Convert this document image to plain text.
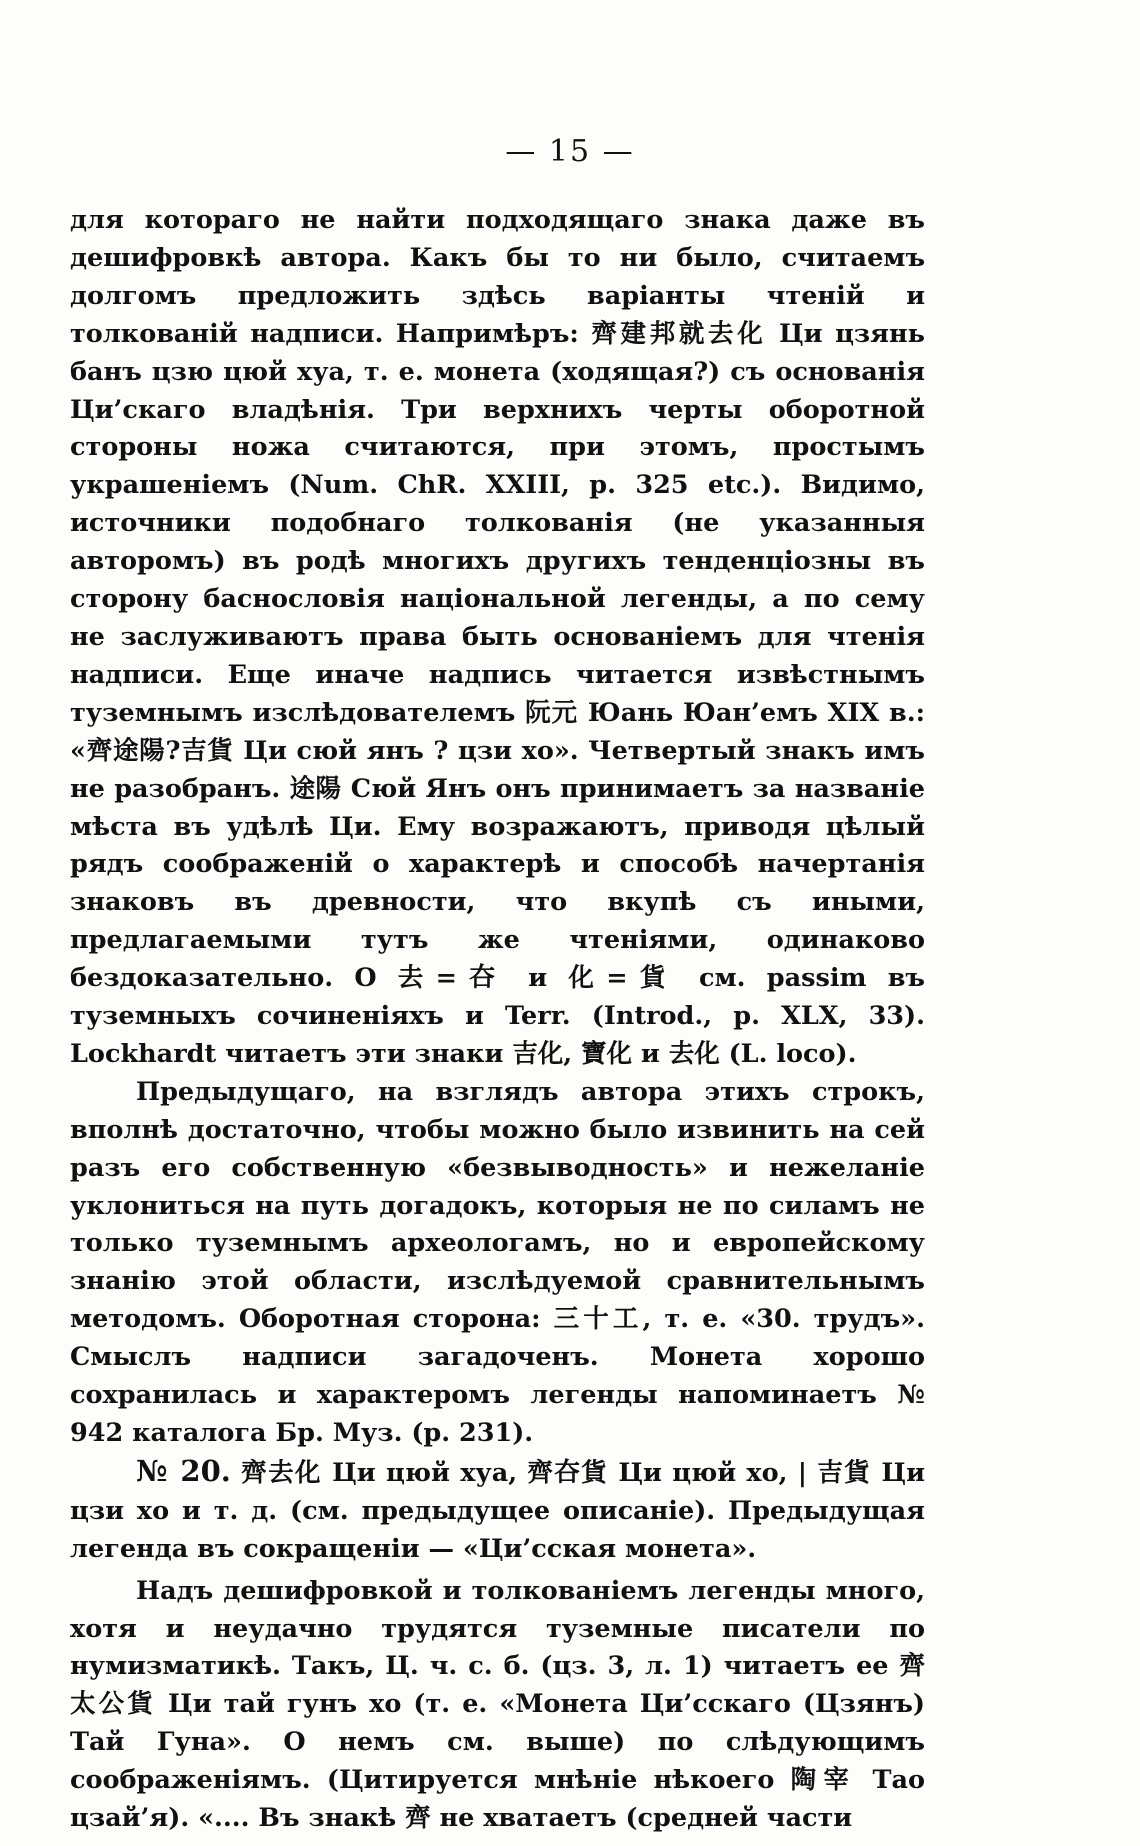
— 15 —

для котораго не найти подходящаго знака даже въ дешифровкѣ автора. Какъ бы то ни было, считаемъ долгомъ предложить здѣсь варіанты чтеній и толкованій надписи. Напримѣръ: 齊建邦就去化 Ци цзянь банъ цзю цюй хуа, т. е. монета (ходящая?) съ основанія Ци’скаго владѣнія. Три верхнихъ черты оборотной стороны ножа считаются, при этомъ, простымъ украшеніемъ (Num. ChR. XXIII, p. 325 etc.). Видимо, источники подобнаго толкованія (не указанныя авторомъ) въ родѣ многихъ другихъ тенденціозны въ сторону баснословія національной легенды, а по сему не заслуживаютъ права быть основаніемъ для чтенія надписи. Еще иначе надпись читается извѣстнымъ туземнымъ изслѣдователемъ 阮元 Юань Юан’емъ XIX в.: «齊途陽?吉貨 Ци сюй янъ ? цзи хо». Четвертый знакъ имъ не разобранъ. 途陽 Сюй Янъ онъ принимаетъ за названіе мѣста въ удѣлѣ Ци. Ему возражаютъ, приводя цѣлый рядъ соображеній о характерѣ и способѣ начертанія знаковъ въ древности, что вкупѣ съ иными, предлагаемыми тутъ же чтеніями, одинаково бездоказательно. О 去=夻 и 化=貨 см. passim въ туземныхъ сочиненіяхъ и Terr. (Introd., p. XLX, 33). Lockhardt читаетъ эти знаки 吉化, 寶化 и 去化 (L. loco).

Предыдущаго, на взглядъ автора этихъ строкъ, вполнѣ достаточно, чтобы можно было извинить на сей разъ его собственную «безвыводность» и нежеланіе уклониться на путь догадокъ, которыя не по силамъ не только туземнымъ археологамъ, но и европейскому знанію этой области, изслѣдуемой сравнительнымъ методомъ. Оборотная сторона: 三十工, т. е. «30. трудъ». Смыслъ надписи загадоченъ. Монета хорошо сохранилась и характеромъ легенды напоминаетъ № 942 каталога Бр. Муз. (p. 231).

№ 20. 齊去化 Ци цюй хуа, 齊夻貨 Ци цюй хо, | 吉貨 Ци цзи хо и т. д. (см. предыдущее описаніе). Предыдущая легенда въ сокращеніи — «Ци’сская монета».

Надъ дешифровкой и толкованіемъ легенды много, хотя и неудачно трудятся туземные писатели по нумизматикѣ. Такъ, Ц. ч. с. б. (цз. 3, л. 1) читаетъ ее 齊太公貨 Ци тай гунъ хо (т. е. «Монета Ци’сскаго (Цзянъ) Тай Гуна». О немъ см. выше) по слѣдующимъ соображеніямъ. (Цитируется мнѣніе нѣкоего 陶宰 Тао цзай’я). «.... Въ знакѣ 齊 не хватаетъ (средней части
